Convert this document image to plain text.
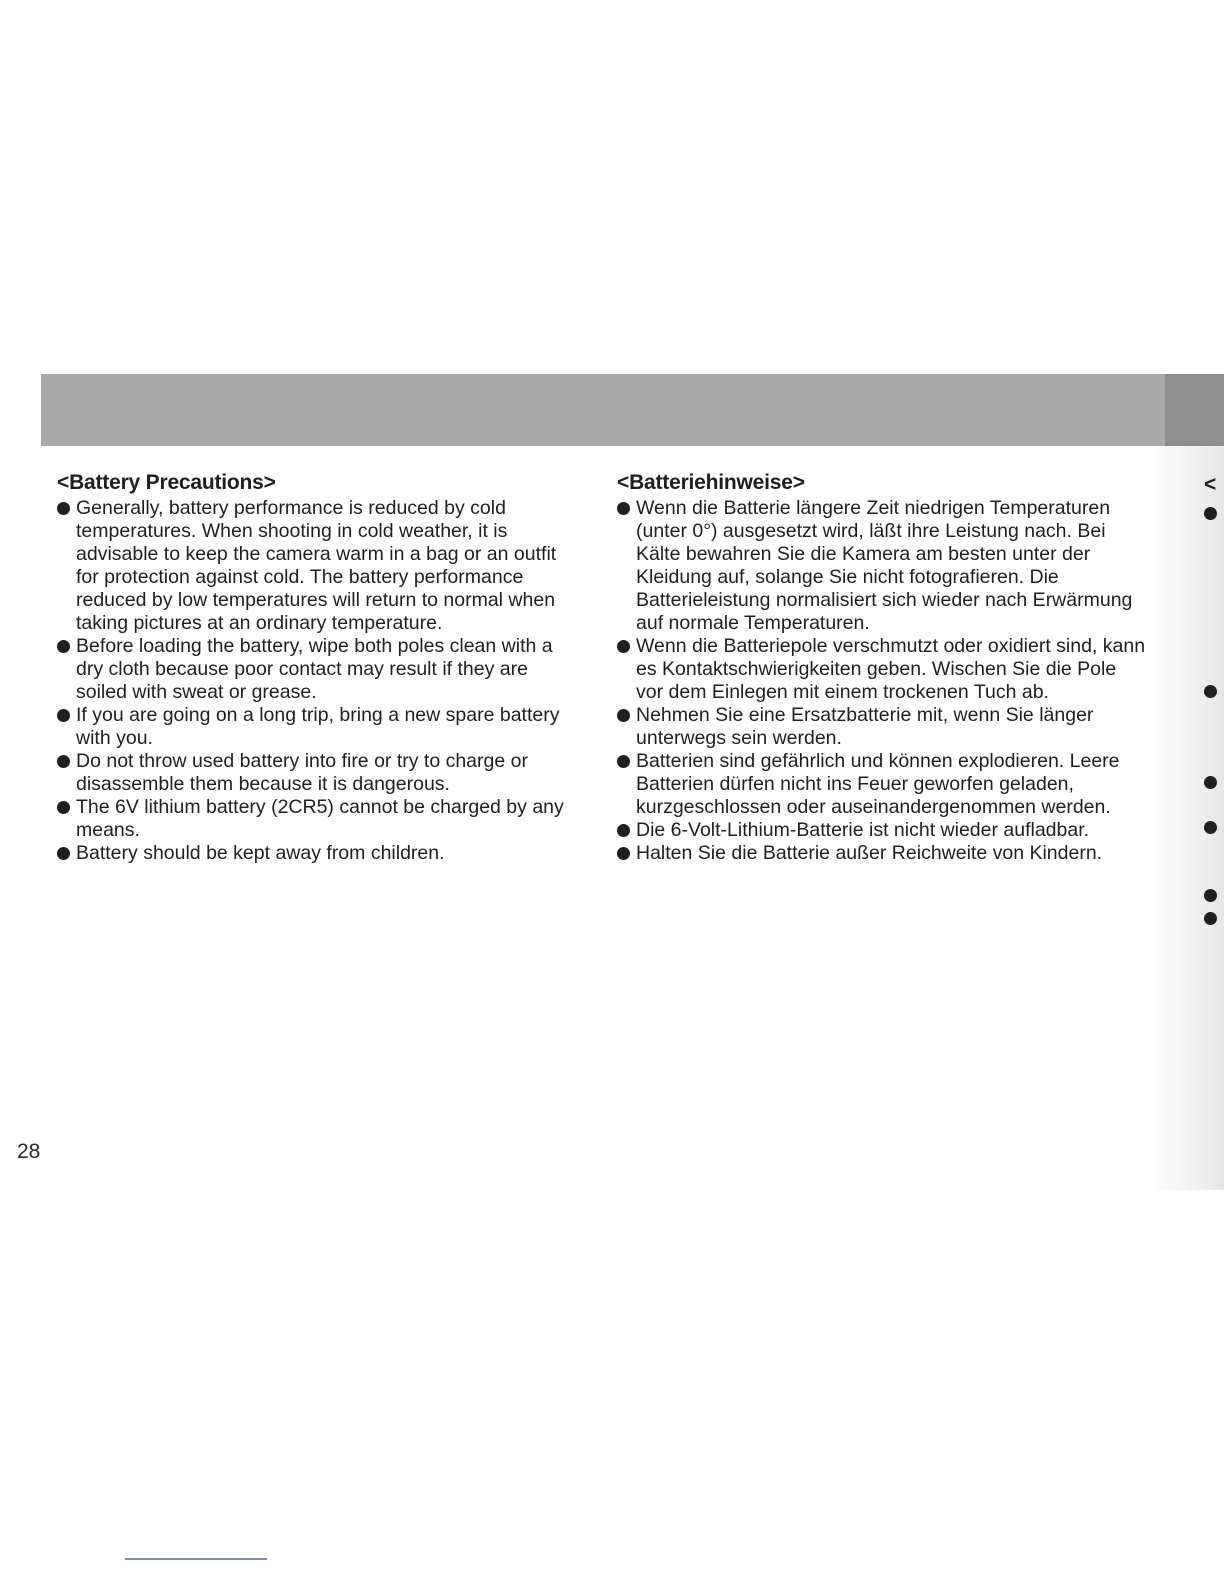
<Battery Precautions>
Generally, battery performance is reduced by cold temperatures. When shooting in cold weather, it is advisable to keep the camera warm in a bag or an outfit for protection against cold. The battery performance reduced by low temperatures will return to normal when taking pictures at an ordinary temperature.
Before loading the battery, wipe both poles clean with a dry cloth because poor contact may result if they are soiled with sweat or grease.
If you are going on a long trip, bring a new spare battery with you.
Do not throw used battery into fire or try to charge or disassemble them because it is dangerous.
The 6V lithium battery (2CR5) cannot be charged by any means.
Battery should be kept away from children.
<Batteriehinweise>
Wenn die Batterie längere Zeit niedrigen Temperaturen (unter 0°) ausgesetzt wird, läßt ihre Leistung nach. Bei Kälte bewahren Sie die Kamera am besten unter der Kleidung auf, solange Sie nicht fotografieren. Die Batterieleistung normalisiert sich wieder nach Erwärmung auf normale Temperaturen.
Wenn die Batteriepole verschmutzt oder oxidiert sind, kann es Kontaktschwierigkeiten geben. Wischen Sie die Pole vor dem Einlegen mit einem trockenen Tuch ab.
Nehmen Sie eine Ersatzbatterie mit, wenn Sie länger unterwegs sein werden.
Batterien sind gefährlich und können explodieren. Leere Batterien dürfen nicht ins Feuer geworfen geladen, kurzgeschlossen oder auseinandergenommen werden.
Die 6-Volt-Lithium-Batterie ist nicht wieder aufladbar.
Halten Sie die Batterie außer Reichweite von Kindern.
<
28
